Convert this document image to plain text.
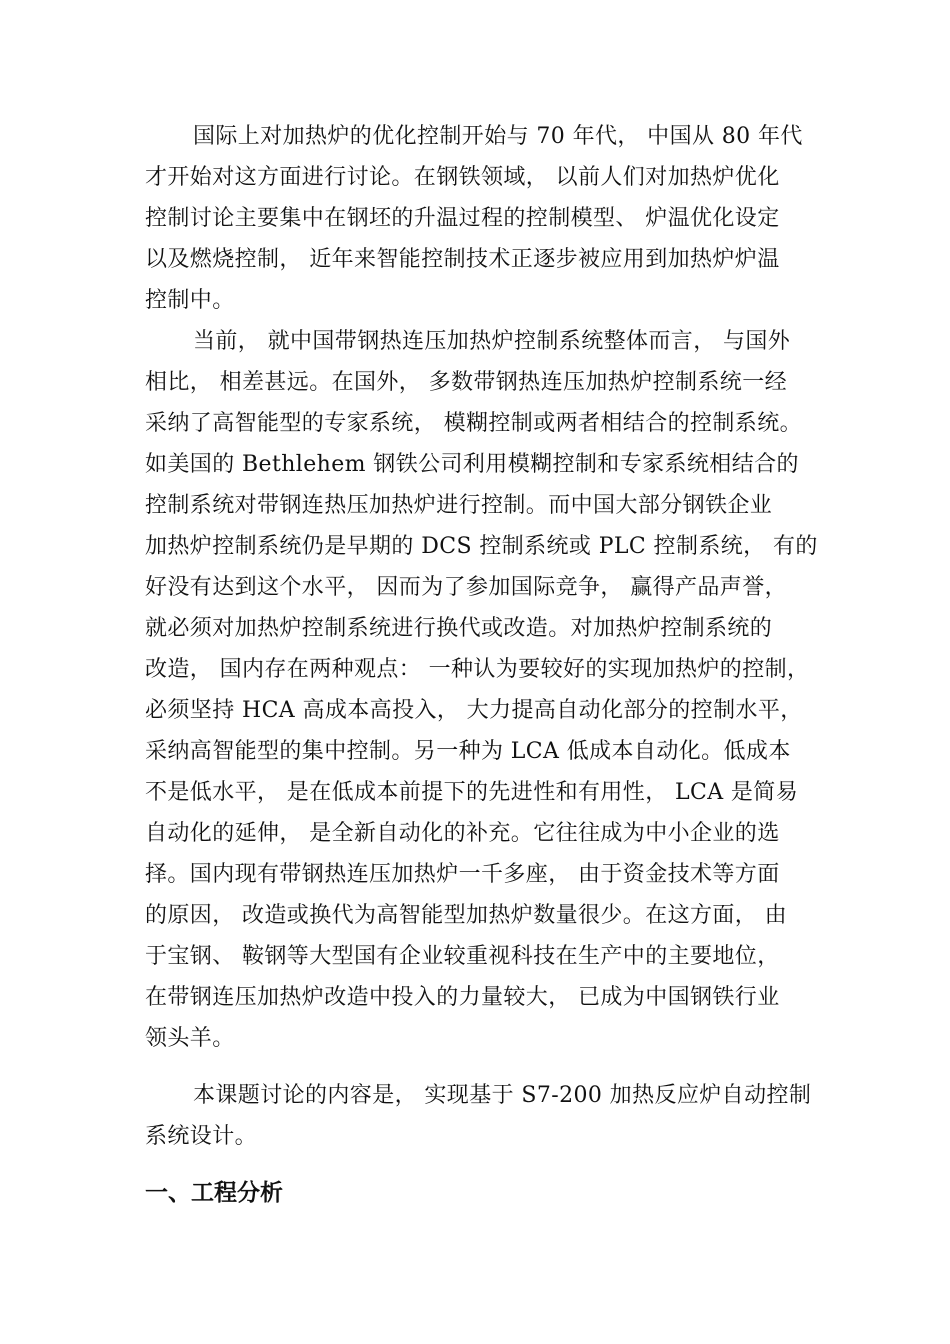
国际上对加热炉的优化控制开始与 70 年代， 中国从 80 年代
才开始对这方面进行讨论。在钢铁领域， 以前人们对加热炉优化
控制讨论主要集中在钢坯的升温过程的控制模型、 炉温优化设定
以及燃烧控制， 近年来智能控制技术正逐步被应用到加热炉炉温
控制中。
当前， 就中国带钢热连压加热炉控制系统整体而言， 与国外
相比， 相差甚远。在国外， 多数带钢热连压加热炉控制系统一经
采纳了高智能型的专家系统， 模糊控制或两者相结合的控制系统。
如美国的 Bethlehem 钢铁公司利用模糊控制和专家系统相结合的
控制系统对带钢连热压加热炉进行控制。而中国大部分钢铁企业
加热炉控制系统仍是早期的 DCS 控制系统或 PLC 控制系统， 有的
好没有达到这个水平， 因而为了参加国际竞争， 赢得产品声誉，
就必须对加热炉控制系统进行换代或改造。对加热炉控制系统的
改造， 国内存在两种观点： 一种认为要较好的实现加热炉的控制，
必须坚持 HCA 高成本高投入， 大力提高自动化部分的控制水平，
采纳高智能型的集中控制。另一种为 LCA 低成本自动化。低成本
不是低水平， 是在低成本前提下的先进性和有用性， LCA 是简易
自动化的延伸， 是全新自动化的补充。它往往成为中小企业的选
择。国内现有带钢热连压加热炉一千多座， 由于资金技术等方面
的原因， 改造或换代为高智能型加热炉数量很少。在这方面， 由
于宝钢、 鞍钢等大型国有企业较重视科技在生产中的主要地位，
在带钢连压加热炉改造中投入的力量较大， 已成为中国钢铁行业
领头羊。
本课题讨论的内容是， 实现基于 S7-200 加热反应炉自动控制
系统设计。
一、工程分析
